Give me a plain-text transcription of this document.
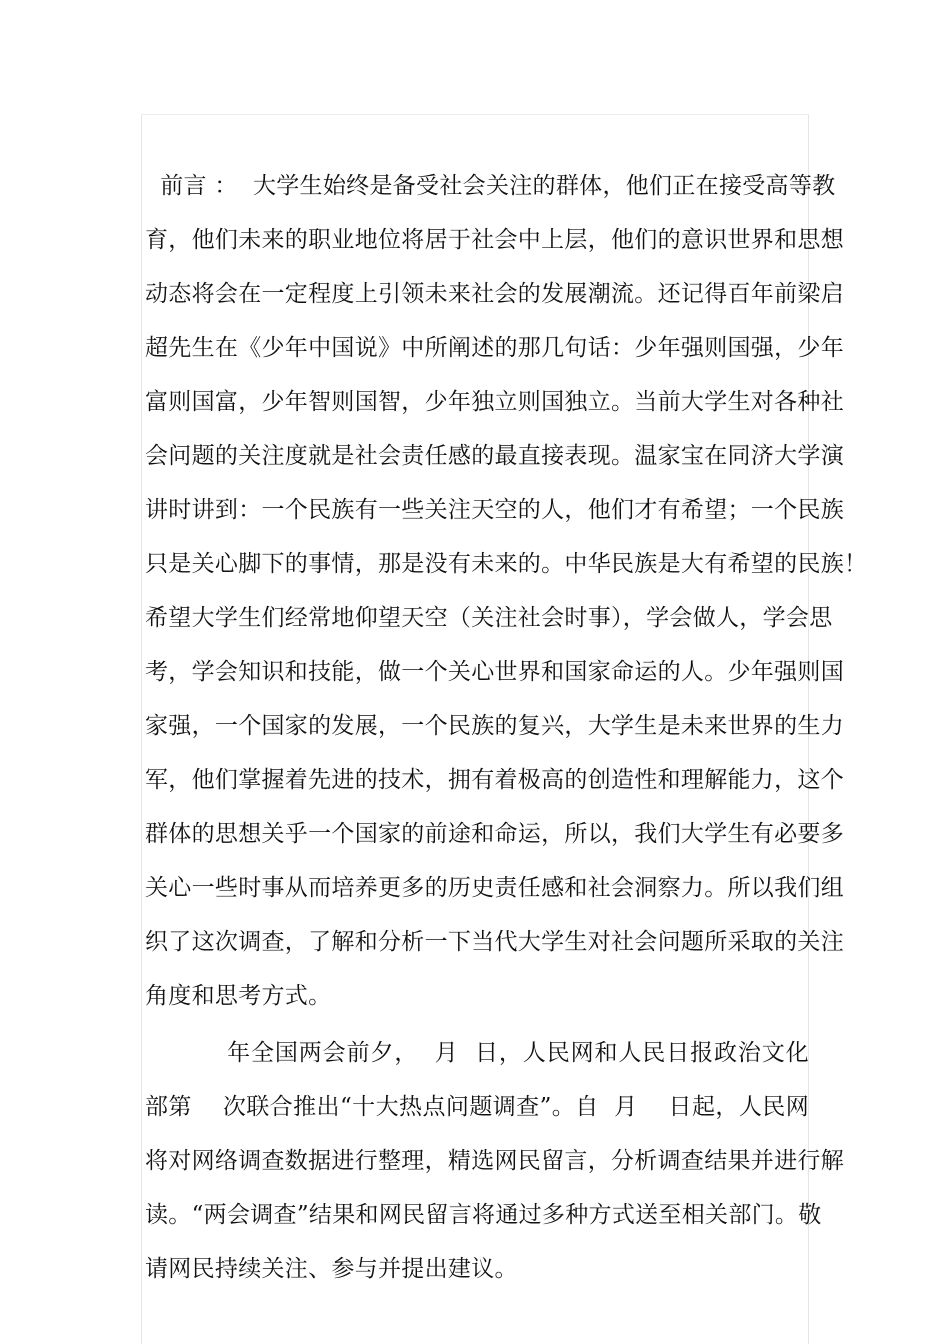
前言 ：  大学生始终是备受社会关注的群体，他们正在接受高等教
育，他们未来的职业地位将居于社会中上层，他们的意识世界和思想
动态将会在一定程度上引领未来社会的发展潮流。还记得百年前梁启
超先生在《少年中国说》中所阐述的那几句话：少年强则国强，少年
富则国富，少年智则国智，少年独立则国独立。当前大学生对各种社
会问题的关注度就是社会责任感的最直接表现。温家宝在同济大学演
讲时讲到：一个民族有一些关注天空的人，他们才有希望；一个民族
只是关心脚下的事情，那是没有未来的。中华民族是大有希望的民族！
希望大学生们经常地仰望天空（关注社会时事），学会做人，学会思
考，学会知识和技能，做一个关心世界和国家命运的人。少年强则国
家强，一个国家的发展，一个民族的复兴，大学生是未来世界的生力
军，他们掌握着先进的技术，拥有着极高的创造性和理解能力，这个
群体的思想关乎一个国家的前途和命运，所以，我们大学生有必要多
关心一些时事从而培养更多的历史责任感和社会洞察力。所以我们组
织了这次调查，了解和分析一下当代大学生对社会问题所采取的关注
角度和思考方式。
年全国两会前夕，  月  日，人民网和人民日报政治文化
部第    次联合推出“十大热点问题调查”。自  月    日起，人民网
将对网络调查数据进行整理，精选网民留言，分析调查结果并进行解
读。“两会调查”结果和网民留言将通过多种方式送至相关部门。敬
请网民持续关注、参与并提出建议。
